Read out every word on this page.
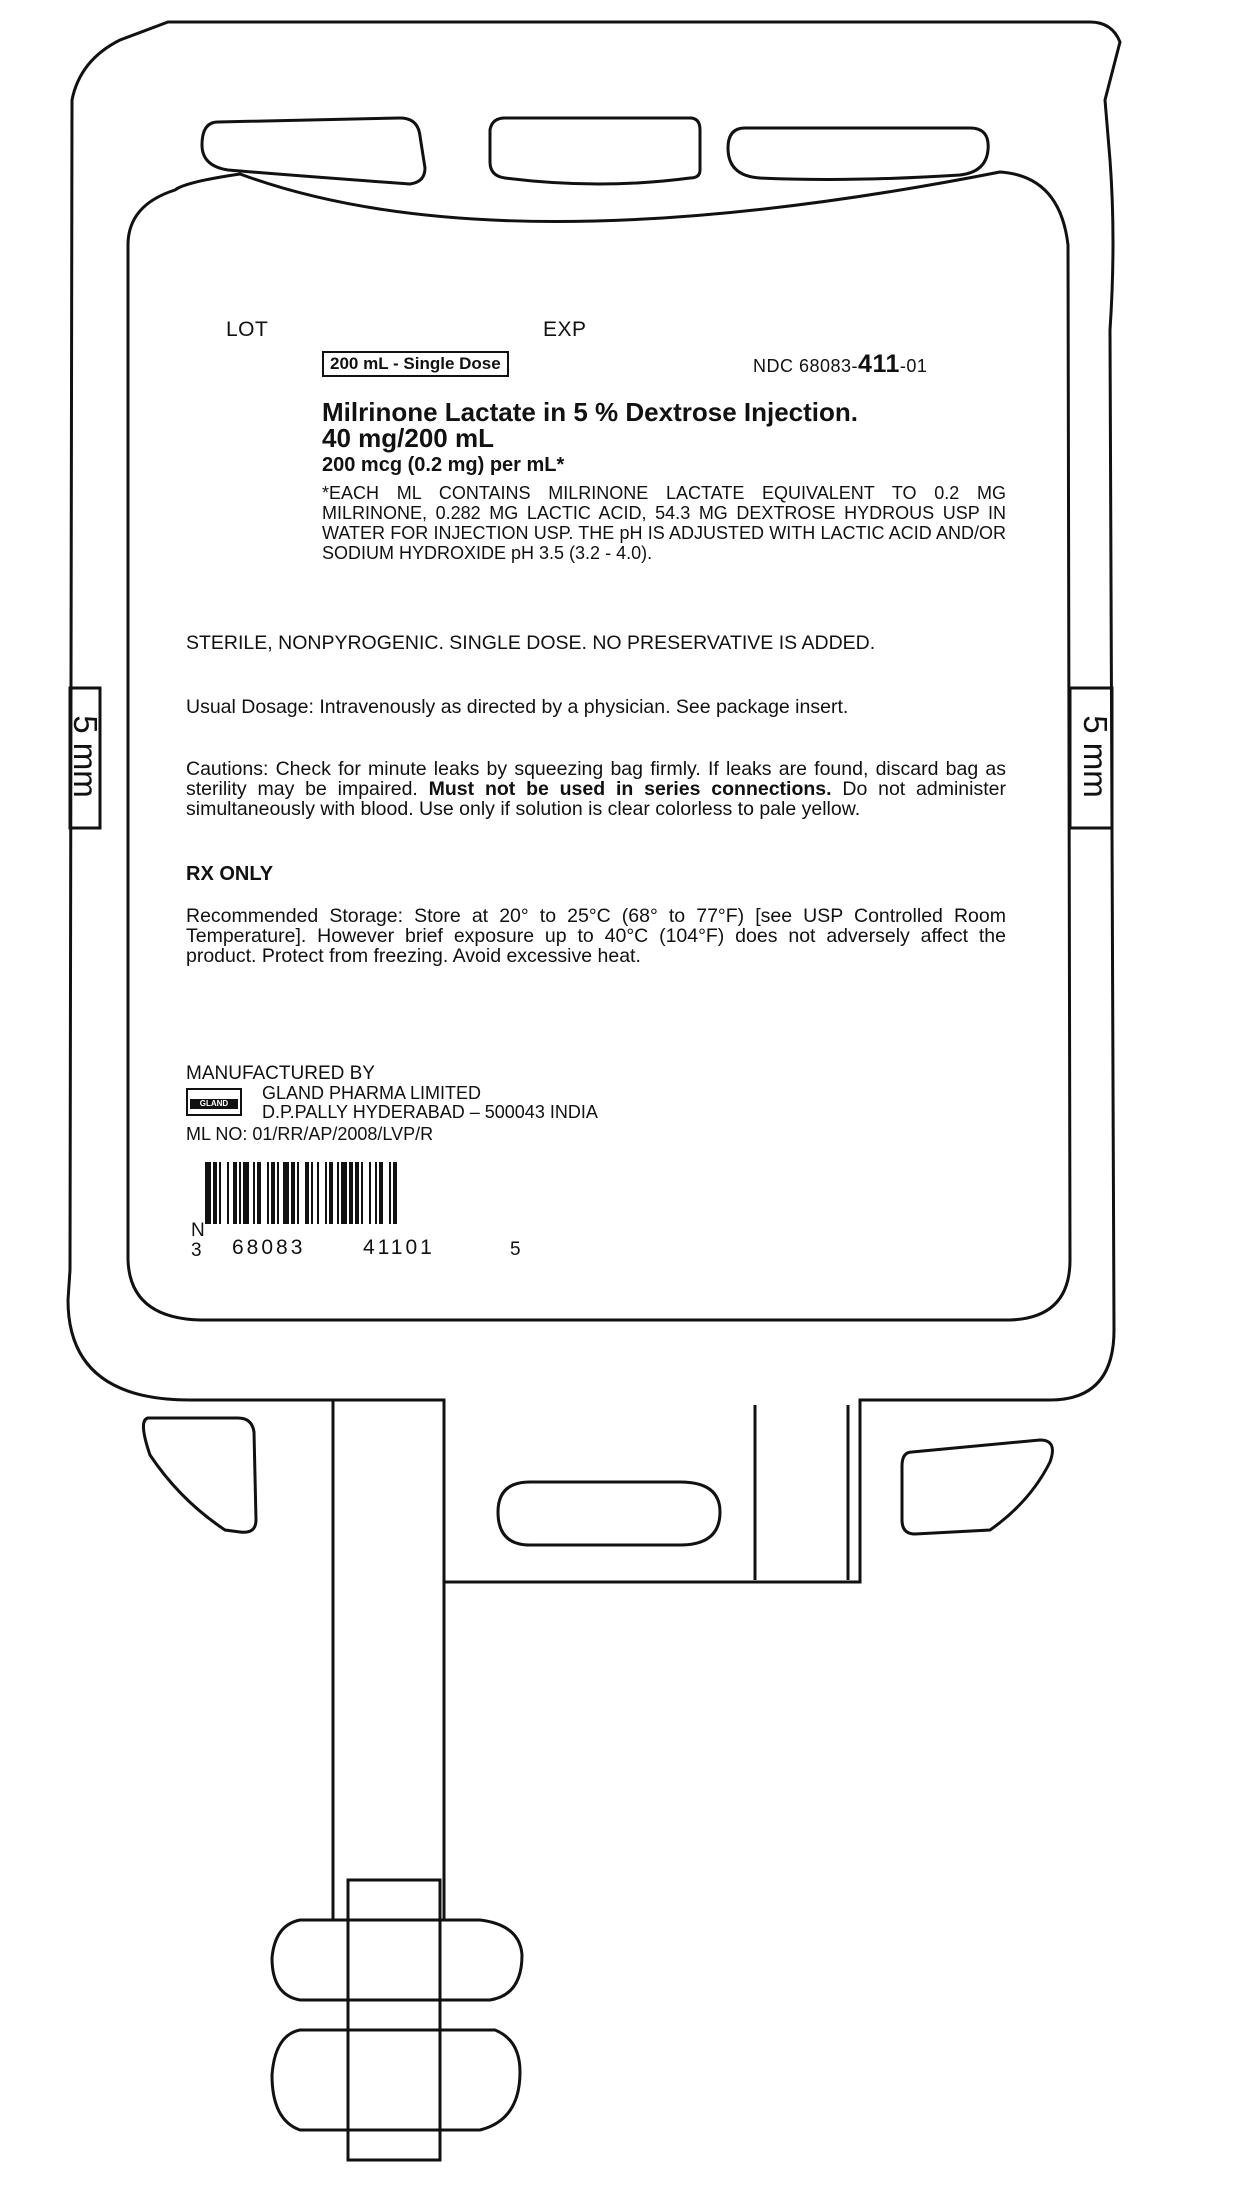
LOT	EXP
200 mL - Single Dose	NDC 68083-411-01
Milrinone Lactate in 5 % Dextrose Injection.
40 mg/200 mL
200 mcg (0.2 mg) per mL*
*EACH ML CONTAINS MILRINONE LACTATE EQUIVALENT TO 0.2 MG MILRINONE, 0.282 MG LACTIC ACID, 54.3 MG DEXTROSE HYDROUS USP IN WATER FOR INJECTION USP. THE pH IS ADJUSTED WITH LACTIC ACID AND/OR SODIUM HYDROXIDE pH 3.5 (3.2 - 4.0).
STERILE, NONPYROGENIC. SINGLE DOSE. NO PRESERVATIVE IS ADDED.
Usual Dosage: Intravenously as directed by a physician. See package insert.
Cautions: Check for minute leaks by squeezing bag firmly. If leaks are found, discard bag as sterility may be impaired. Must not be used in series connections. Do not administer simultaneously with blood. Use only if solution is clear colorless to pale yellow.
RX ONLY
Recommended Storage: Store at 20° to 25°C (68° to 77°F) [see USP Controlled Room Temperature]. However brief exposure up to 40°C (104°F) does not adversely affect the product. Protect from freezing. Avoid excessive heat.
MANUFACTURED BY
GLAND
GLAND PHARMA LIMITED
D.P.PALLY HYDERABAD – 500043 INDIA
ML NO: 01/RR/AP/2008/LVP/R
3
N
68083	41101	5
5 mm	5 mm
